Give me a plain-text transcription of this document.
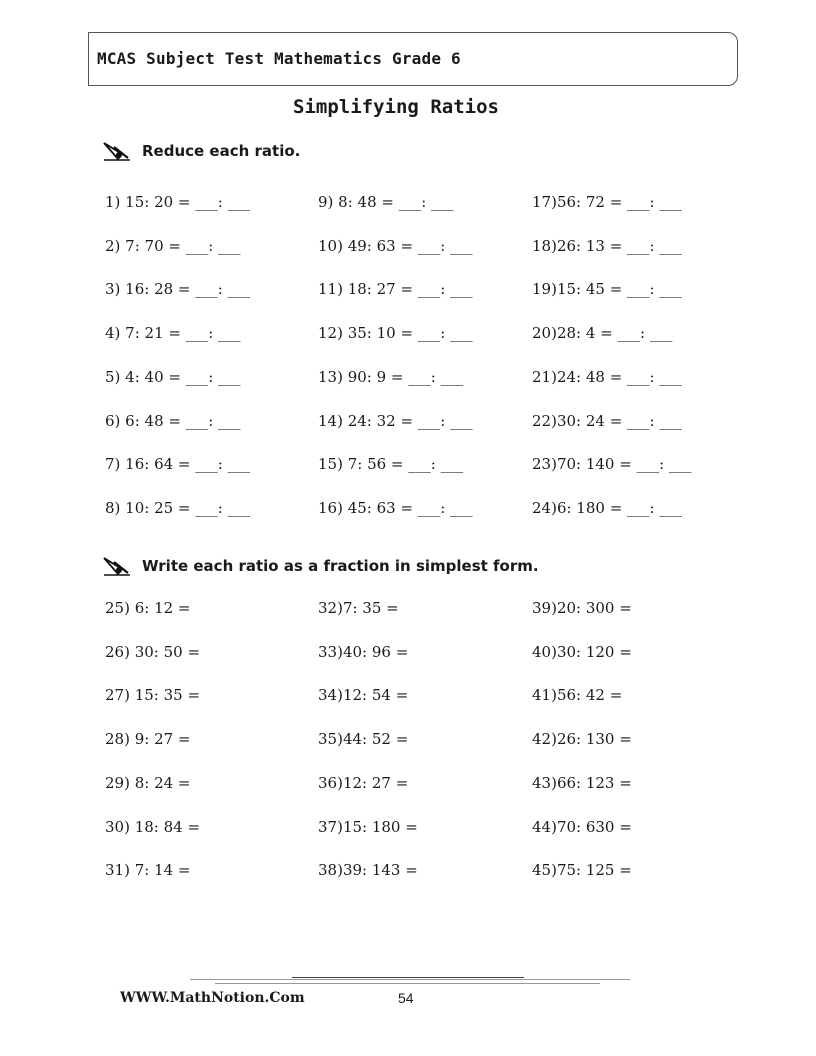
MCAS Subject Test Mathematics Grade 6
Simplifying Ratios
Reduce each ratio.
1) 15: 20 = ___: ___
2) 7: 70 = ___: ___
3) 16: 28 = ___: ___
4) 7: 21 = ___: ___
5) 4: 40 = ___: ___
6) 6: 48 = ___: ___
7) 16: 64 = ___: ___
8) 10: 25 = ___: ___
9) 8: 48 = ___: ___
10) 49: 63 = ___: ___
11) 18: 27 = ___: ___
12) 35: 10 = ___: ___
13) 90: 9 = ___: ___
14) 24: 32 = ___: ___
15) 7: 56 = ___: ___
16) 45: 63 = ___: ___
17)56: 72 = ___: ___
18)26: 13 = ___: ___
19)15: 45 = ___: ___
20)28: 4 = ___: ___
21)24: 48 = ___: ___
22)30: 24 = ___: ___
23)70: 140 = ___: ___
24)6: 180 = ___: ___
Write each ratio as a fraction in simplest form.
25) 6: 12 =
26) 30: 50 =
27) 15: 35 =
28) 9: 27 =
29) 8: 24 =
30) 18: 84 =
31) 7: 14 =
32)7: 35 =
33)40: 96 =
34)12: 54 =
35)44: 52 =
36)12: 27 =
37)15: 180 =
38)39: 143 =
39)20: 300 =
40)30: 120 =
41)56: 42 =
42)26: 130 =
43)66: 123 =
44)70: 630 =
45)75: 125 =
WWW.MathNotion.Com	54
